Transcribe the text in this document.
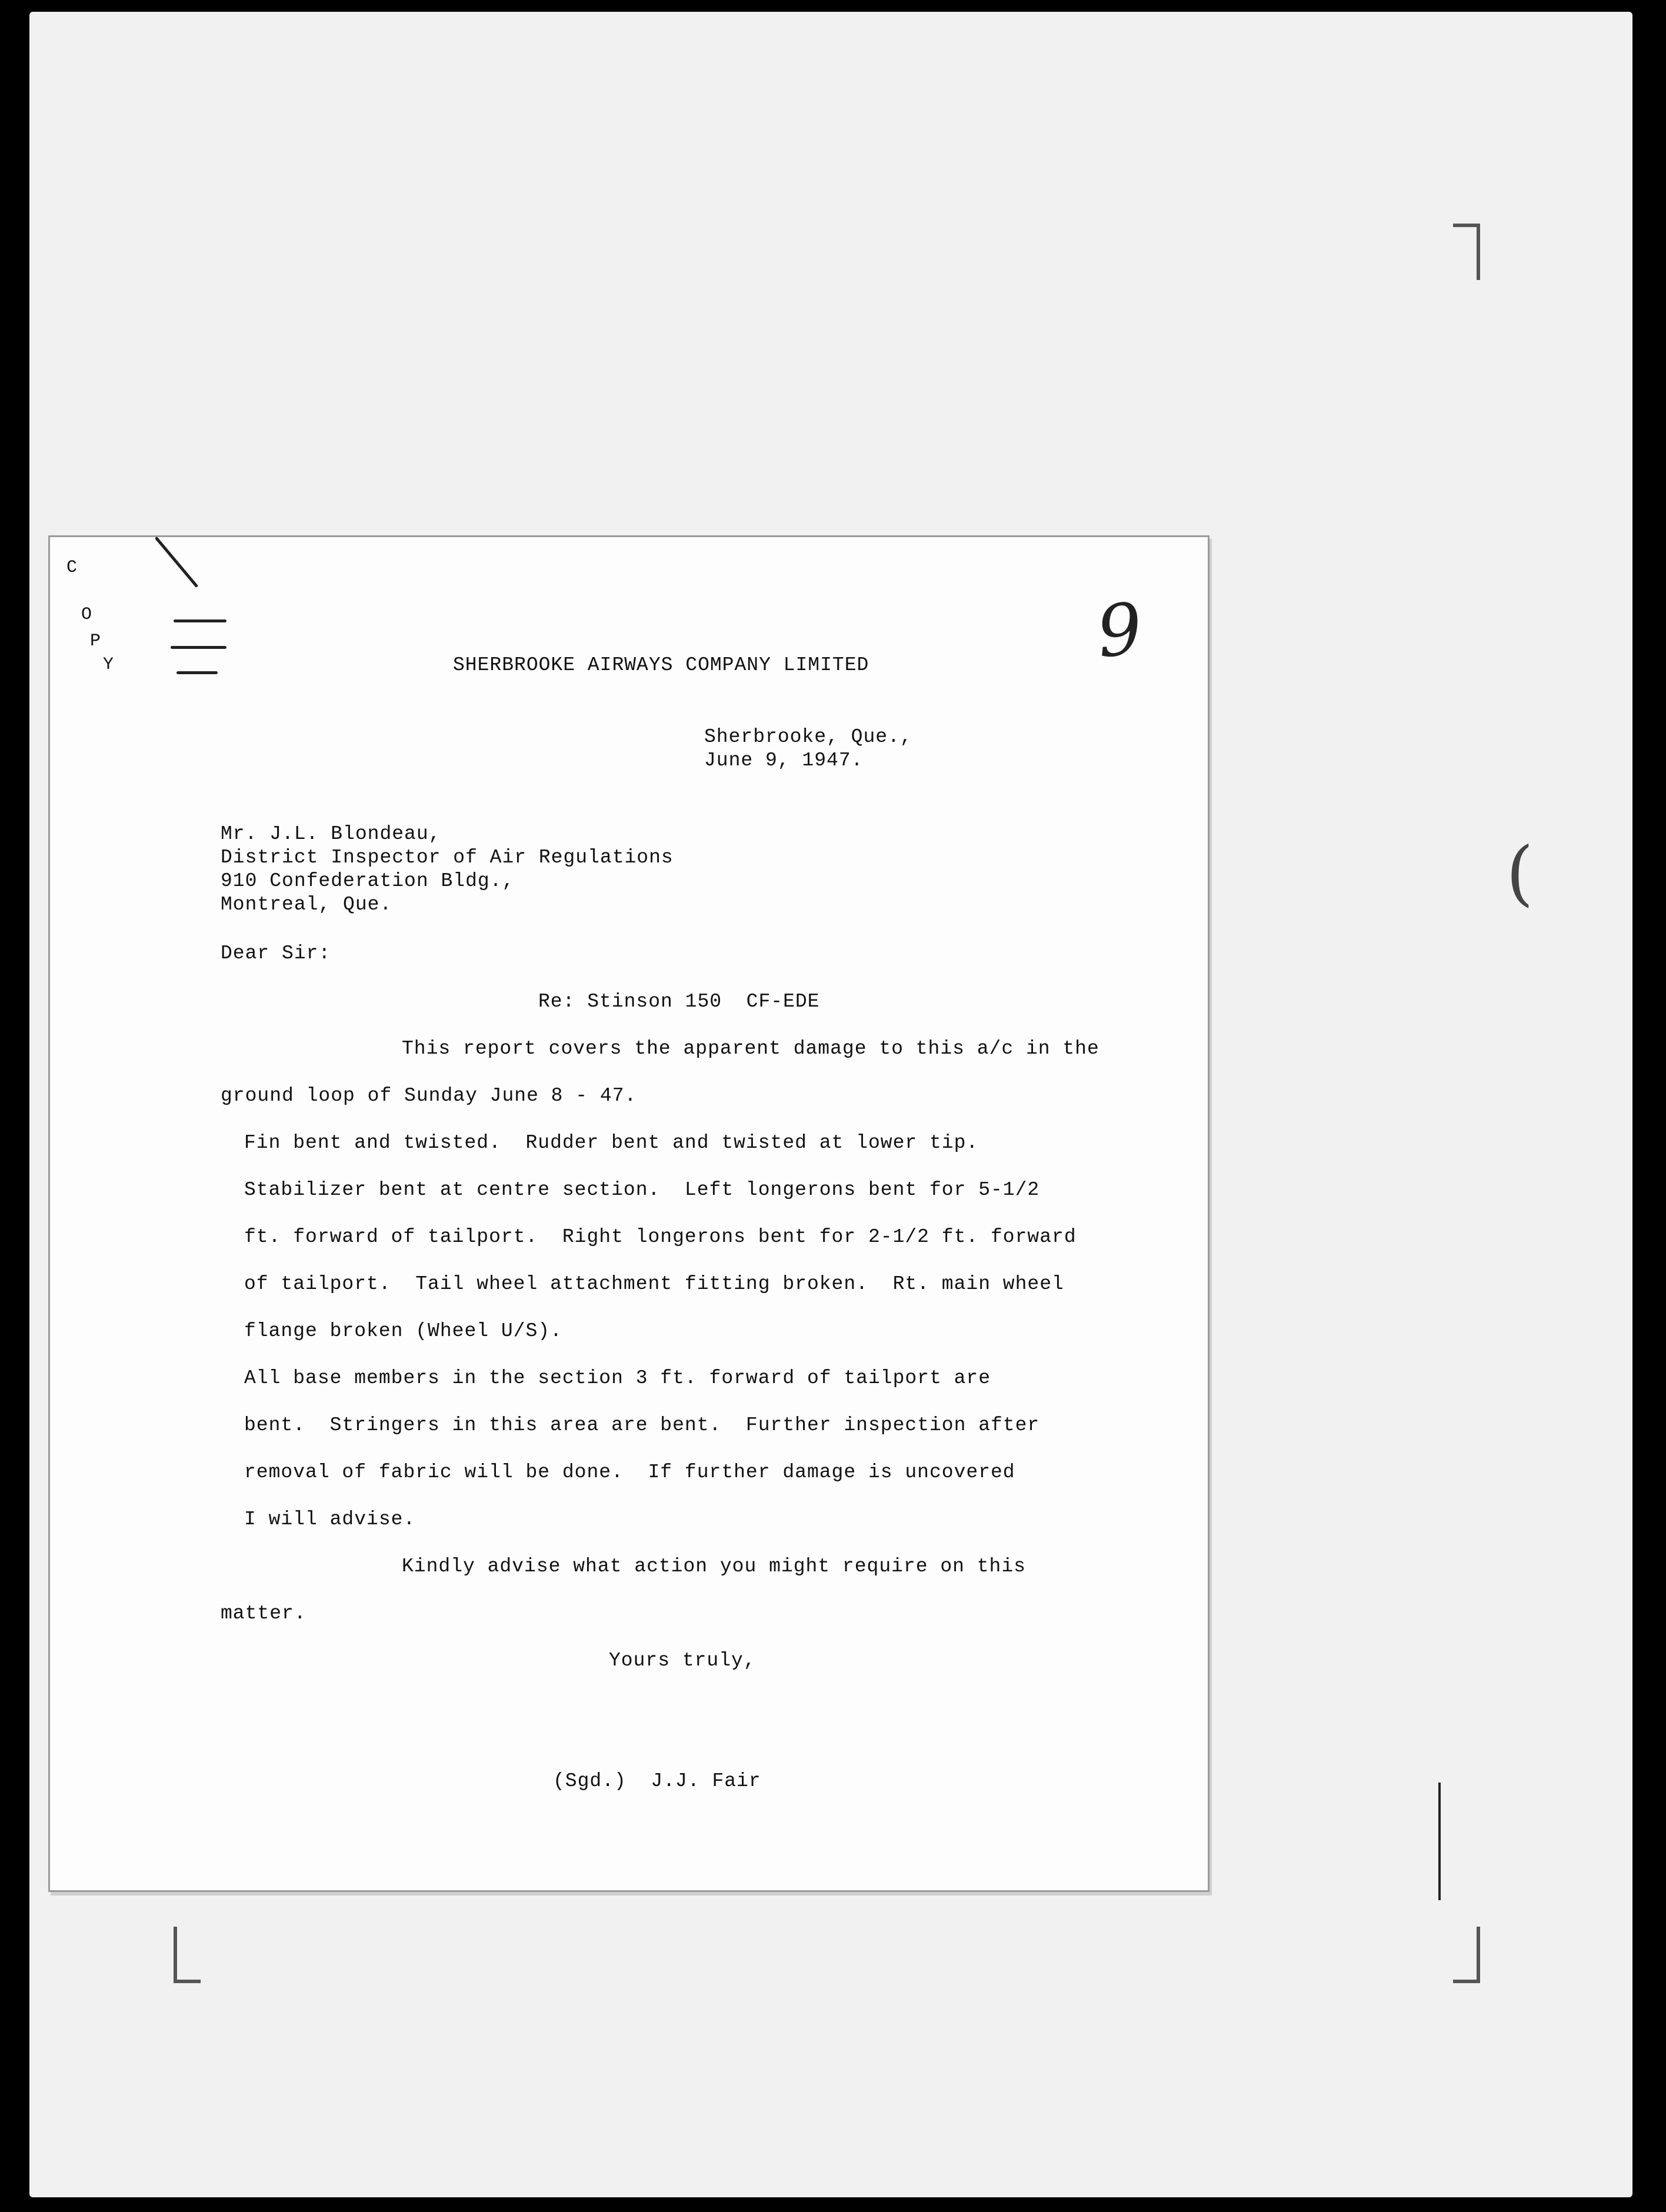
(
C
O
P
Y	9

SHERBROOKE AIRWAYS COMPANY LIMITED

Sherbrooke, Que.,

June 9, 1947.

Mr. J.L. Blondeau,

District Inspector of Air Regulations

910 Confederation Bldg.,

Montreal, Que.

Dear Sir:

Re: Stinson 150  CF-EDE

This report covers the apparent damage to this a/c in the

ground loop of Sunday June 8 - 47.

Fin bent and twisted.  Rudder bent and twisted at lower tip.

Stabilizer bent at centre section.  Left longerons bent for 5-1/2

ft. forward of tailport.  Right longerons bent for 2-1/2 ft. forward

of tailport.  Tail wheel attachment fitting broken.  Rt. main wheel

flange broken (Wheel U/S).

All base members in the section 3 ft. forward of tailport are

bent.  Stringers in this area are bent.  Further inspection after

removal of fabric will be done.  If further damage is uncovered

I will advise.

Kindly advise what action you might require on this

matter.

Yours truly,

(Sgd.)  J.J. Fair
